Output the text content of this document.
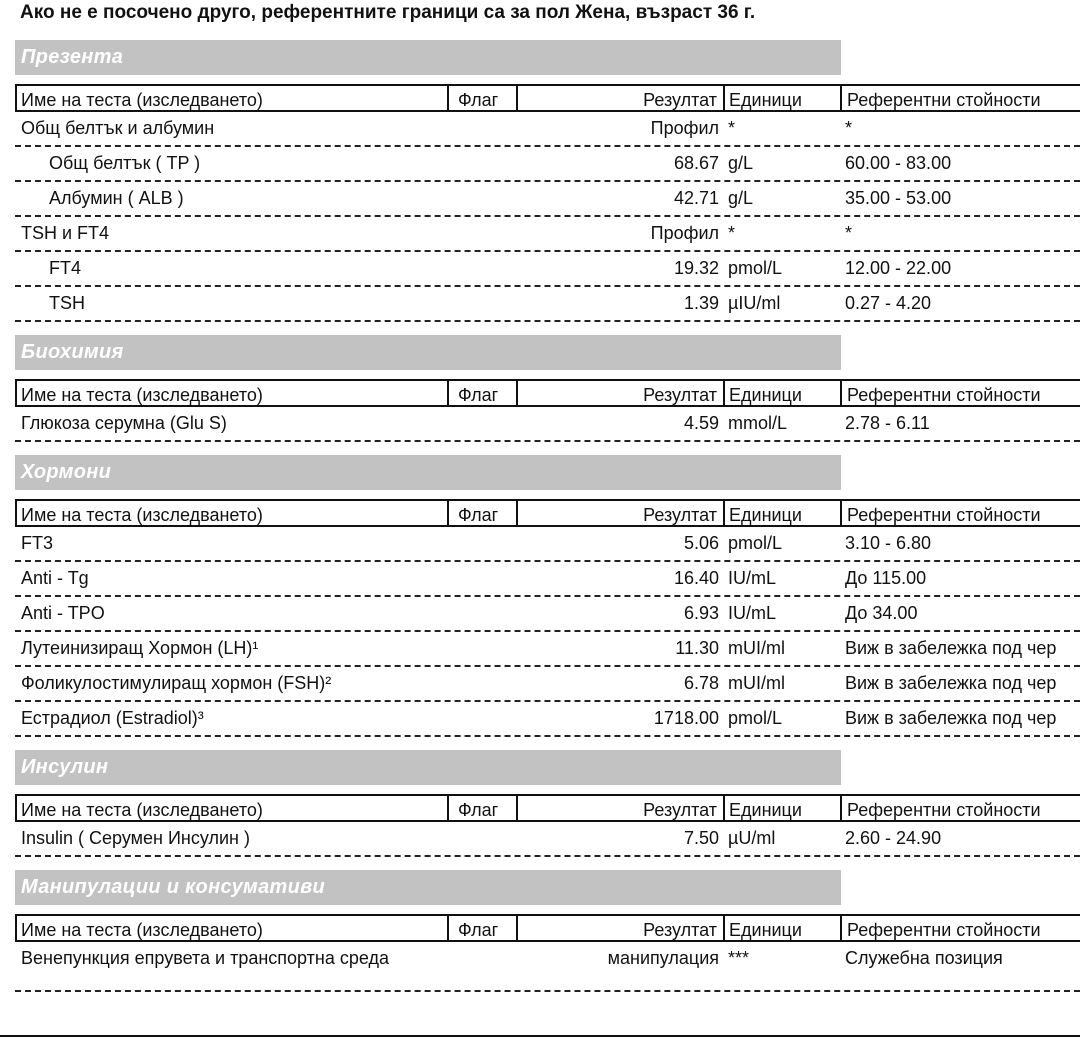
Ако не е посочено друго, референтните граници са за пол Жена, възраст 36 г.
Презента
Име на теста (изследването)	Флаг	Резултат Единици	Референтни стойности
Общ белтък и албумин	Профил *	*
Общ белтък ( TP )	68.67 g/L	60.00 - 83.00
Албумин ( ALB )	42.71 g/L	35.00 - 53.00
TSH и FT4	Профил *	*
FT4	19.32 pmol/L	12.00 - 22.00
TSH	1.39 µIU/ml	0.27 - 4.20
Биохимия
Име на теста (изследването)	Флаг	Резултат Единици	Референтни стойности
Глюкоза серумна (Glu S)	4.59 mmol/L	2.78 - 6.11
Хормони
Име на теста (изследването)	Флаг	Резултат Единици	Референтни стойности
FT3	5.06 pmol/L	3.10 - 6.80
Anti - Tg	16.40 IU/mL	До 115.00
Anti - TPO	6.93 IU/mL	До 34.00
Лутеинизиращ Хормон (LH)¹	11.30 mUI/ml	Виж в забележка под чер
Фоликулостимулиращ хормон (FSH)²	6.78 mUI/ml	Виж в забележка под чер
Естрадиол (Estradiol)³	1718.00 pmol/L	Виж в забележка под чер
Инсулин
Име на теста (изследването)	Флаг	Резултат Единици	Референтни стойности
Insulin ( Серумен Инсулин )	7.50 µU/ml	2.60 - 24.90
Манипулации и консумативи
Име на теста (изследването)	Флаг	Резултат Единици	Референтни стойности
Венепункция епрувета и транспортна среда	манипулация ***	Служебна позиция
